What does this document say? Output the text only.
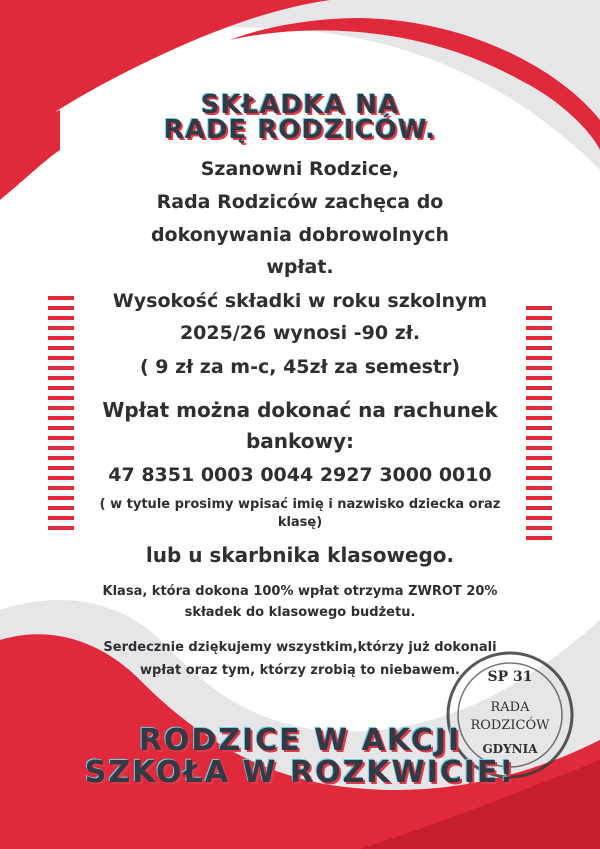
SKŁADKA NA
RADĘ RODZICÓW.
Szanowni Rodzice,
Rada Rodziców zachęca do
dokonywania dobrowolnych
wpłat.
Wysokość składki w roku szkolnym
2025/26 wynosi -90 zł.
( 9 zł za m-c, 45zł za semestr)
Wpłat można dokonać na rachunek
bankowy:
47 8351 0003 0044 2927 3000 0010
( w tytule prosimy wpisać imię i nazwisko dziecka oraz
klasę)
lub u skarbnika klasowego.
Klasa, która dokona 100% wpłat otrzyma ZWROT 20%
składek do klasowego budżetu.
Serdecznie dziękujemy wszystkim,którzy już dokonali
wpłat oraz tym, którzy zrobią to niebawem.	SP 31
RADA
RODZICÓW
GDYNIA
RODZICE W AKCJI
SZKOŁA W ROZKWICIE!
